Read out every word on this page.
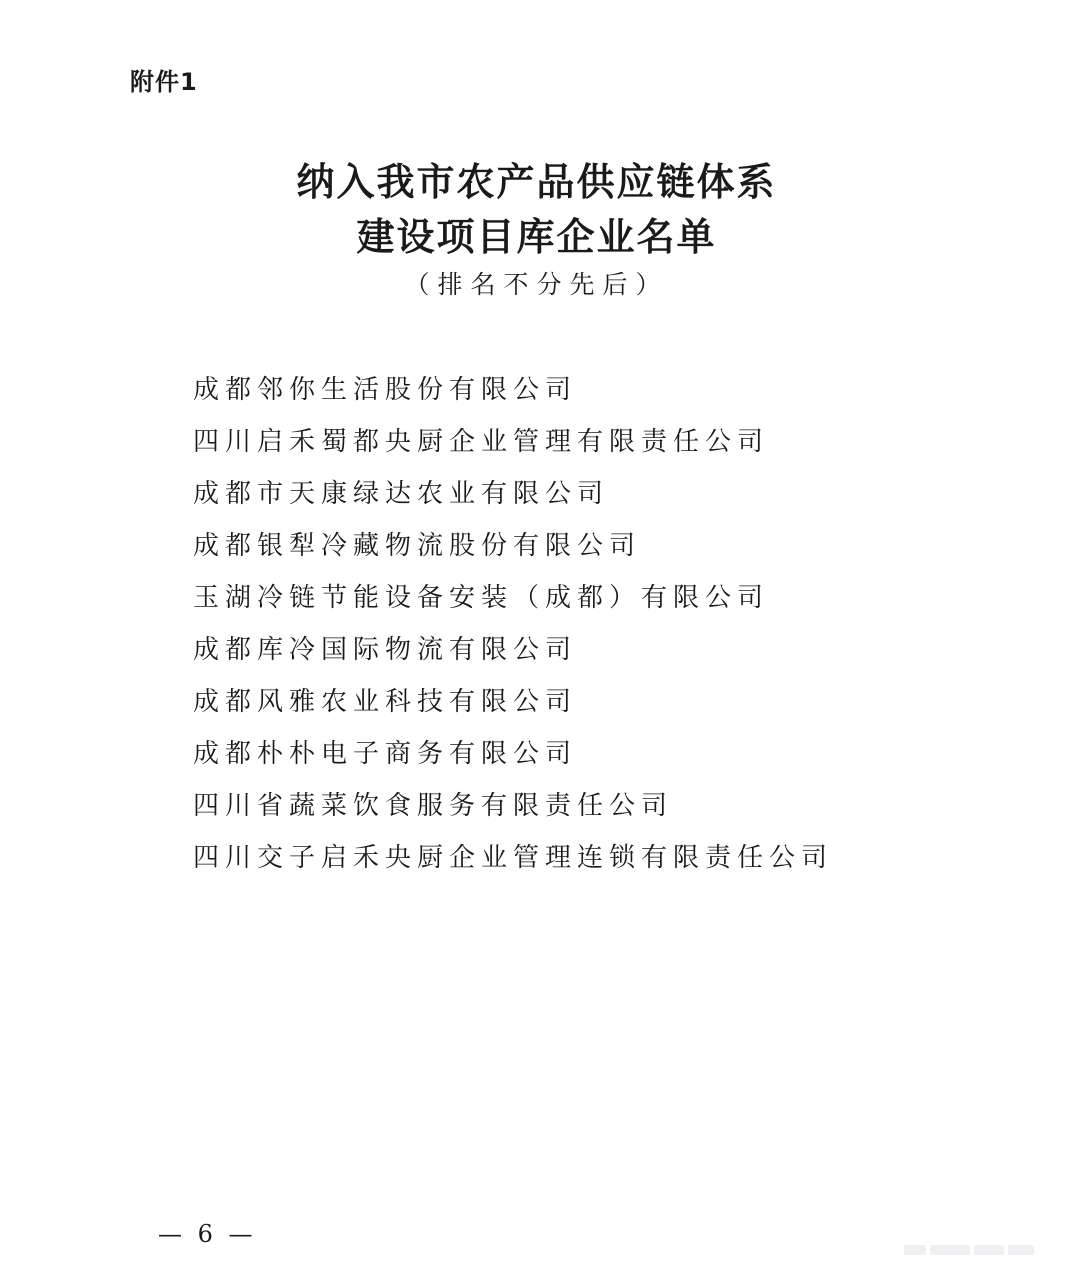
附件1
纳入我市农产品供应链体系
建设项目库企业名单
（排名不分先后）
成都邻你生活股份有限公司
四川启禾蜀都央厨企业管理有限责任公司
成都市天康绿达农业有限公司
成都银犁冷藏物流股份有限公司
玉湖冷链节能设备安装（成都）有限公司
成都库冷国际物流有限公司
成都风雅农业科技有限公司
成都朴朴电子商务有限公司
四川省蔬菜饮食服务有限责任公司
四川交子启禾央厨企业管理连锁有限责任公司
— 6 —
